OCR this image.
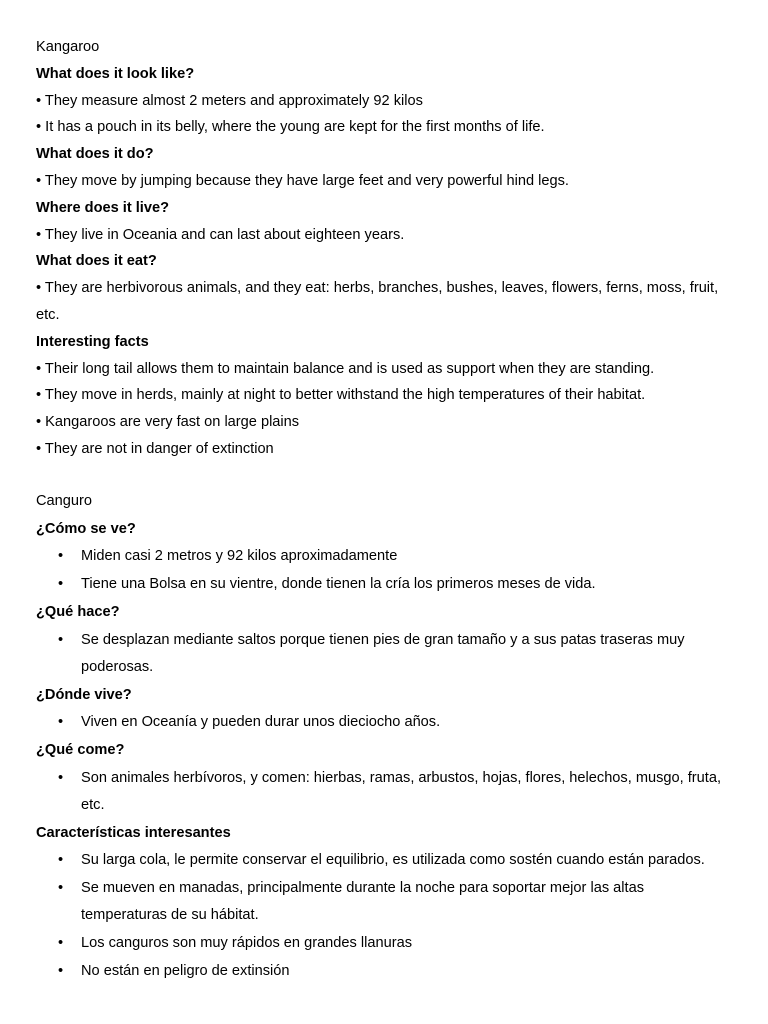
Kangaroo
What does it look like?
• They measure almost 2 meters and approximately 92 kilos
• It has a pouch in its belly, where the young are kept for the first months of life.
What does it do?
• They move by jumping because they have large feet and very powerful hind legs.
Where does it live?
• They live in Oceania and can last about eighteen years.
What does it eat?
• They are herbivorous animals, and they eat: herbs, branches, bushes, leaves, flowers, ferns, moss, fruit, etc.
Interesting facts
• Their long tail allows them to maintain balance and is used as support when they are standing.
• They move in herds, mainly at night to better withstand the high temperatures of their habitat.
• Kangaroos are very fast on large plains
• They are not in danger of extinction
Canguro
¿Cómo se ve?
•	Miden casi 2 metros y 92 kilos aproximadamente
•	Tiene una Bolsa en su vientre, donde tienen la cría los primeros meses de vida.
¿Qué hace?
•	Se desplazan mediante saltos porque tienen pies de gran tamaño y a sus patas traseras muy poderosas.
¿Dónde vive?
•	Viven en Oceanía y pueden durar unos dieciocho años.
¿Qué come?
•	Son animales herbívoros, y comen: hierbas, ramas, arbustos, hojas, flores, helechos, musgo, fruta, etc.
Características interesantes
•	Su larga cola, le permite conservar el equilibrio, es utilizada como sostén cuando están parados.
•	Se mueven en manadas, principalmente durante la noche para soportar mejor las altas temperaturas de su hábitat.
•	Los canguros son muy rápidos en grandes llanuras
•	No están en peligro de extinsión
